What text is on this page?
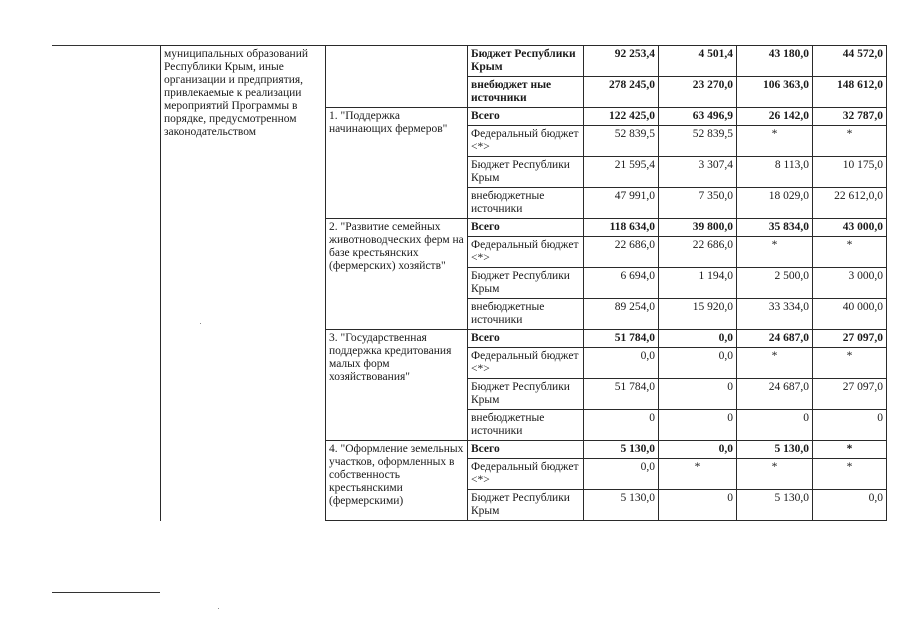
муниципальных образований Республики Крым, иные организации и предприятия, привлекаемые к реализации мероприятий Программы в порядке, предусмотренном законодательством		Бюджет Республики Крым	92 253,4	4 501,4	43 180,0	44 572,0
		внебюджет ные источники	278 245,0	23 270,0	106 363,0	148 612,0
	1. "Поддержка начинающих фермеров"	Всего	122 425,0	63 496,9	26 142,0	32 787,0
		Федеральный бюджет <*>	52 839,5	52 839,5	*	*
		Бюджет Республики Крым	21 595,4	3 307,4	8 113,0	10 175,0
		внебюджетные источники	47 991,0	7 350,0	18 029,0	22 612,0,0
	2. "Развитие семейных животноводческих ферм на базе крестьянских (фермерских) хозяйств"	Всего	118 634,0	39 800,0	35 834,0	43 000,0
		Федеральный бюджет <*>	22 686,0	22 686,0	*	*
		Бюджет Республики Крым	6 694,0	1 194,0	2 500,0	3 000,0
		внебюджетные источники	89 254,0	15 920,0	33 334,0	40 000,0
	3. "Государственная поддержка кредитования малых форм хозяйствования"	Всего	51 784,0	0,0	24 687,0	27 097,0
		Федеральный бюджет <*>	0,0	0,0	*	*
		Бюджет Республики Крым	51 784,0	0	24 687,0	27 097,0
		внебюджетные источники	0	0	0	0
	4. "Оформление земельных участков, оформленных в собственность крестьянскими (фермерскими)	Всего	5 130,0	0,0	5 130,0	*
		Федеральный бюджет <*>	0,0	*	*	*
		Бюджет Республики Крым	5 130,0	0	5 130,0	0,0
